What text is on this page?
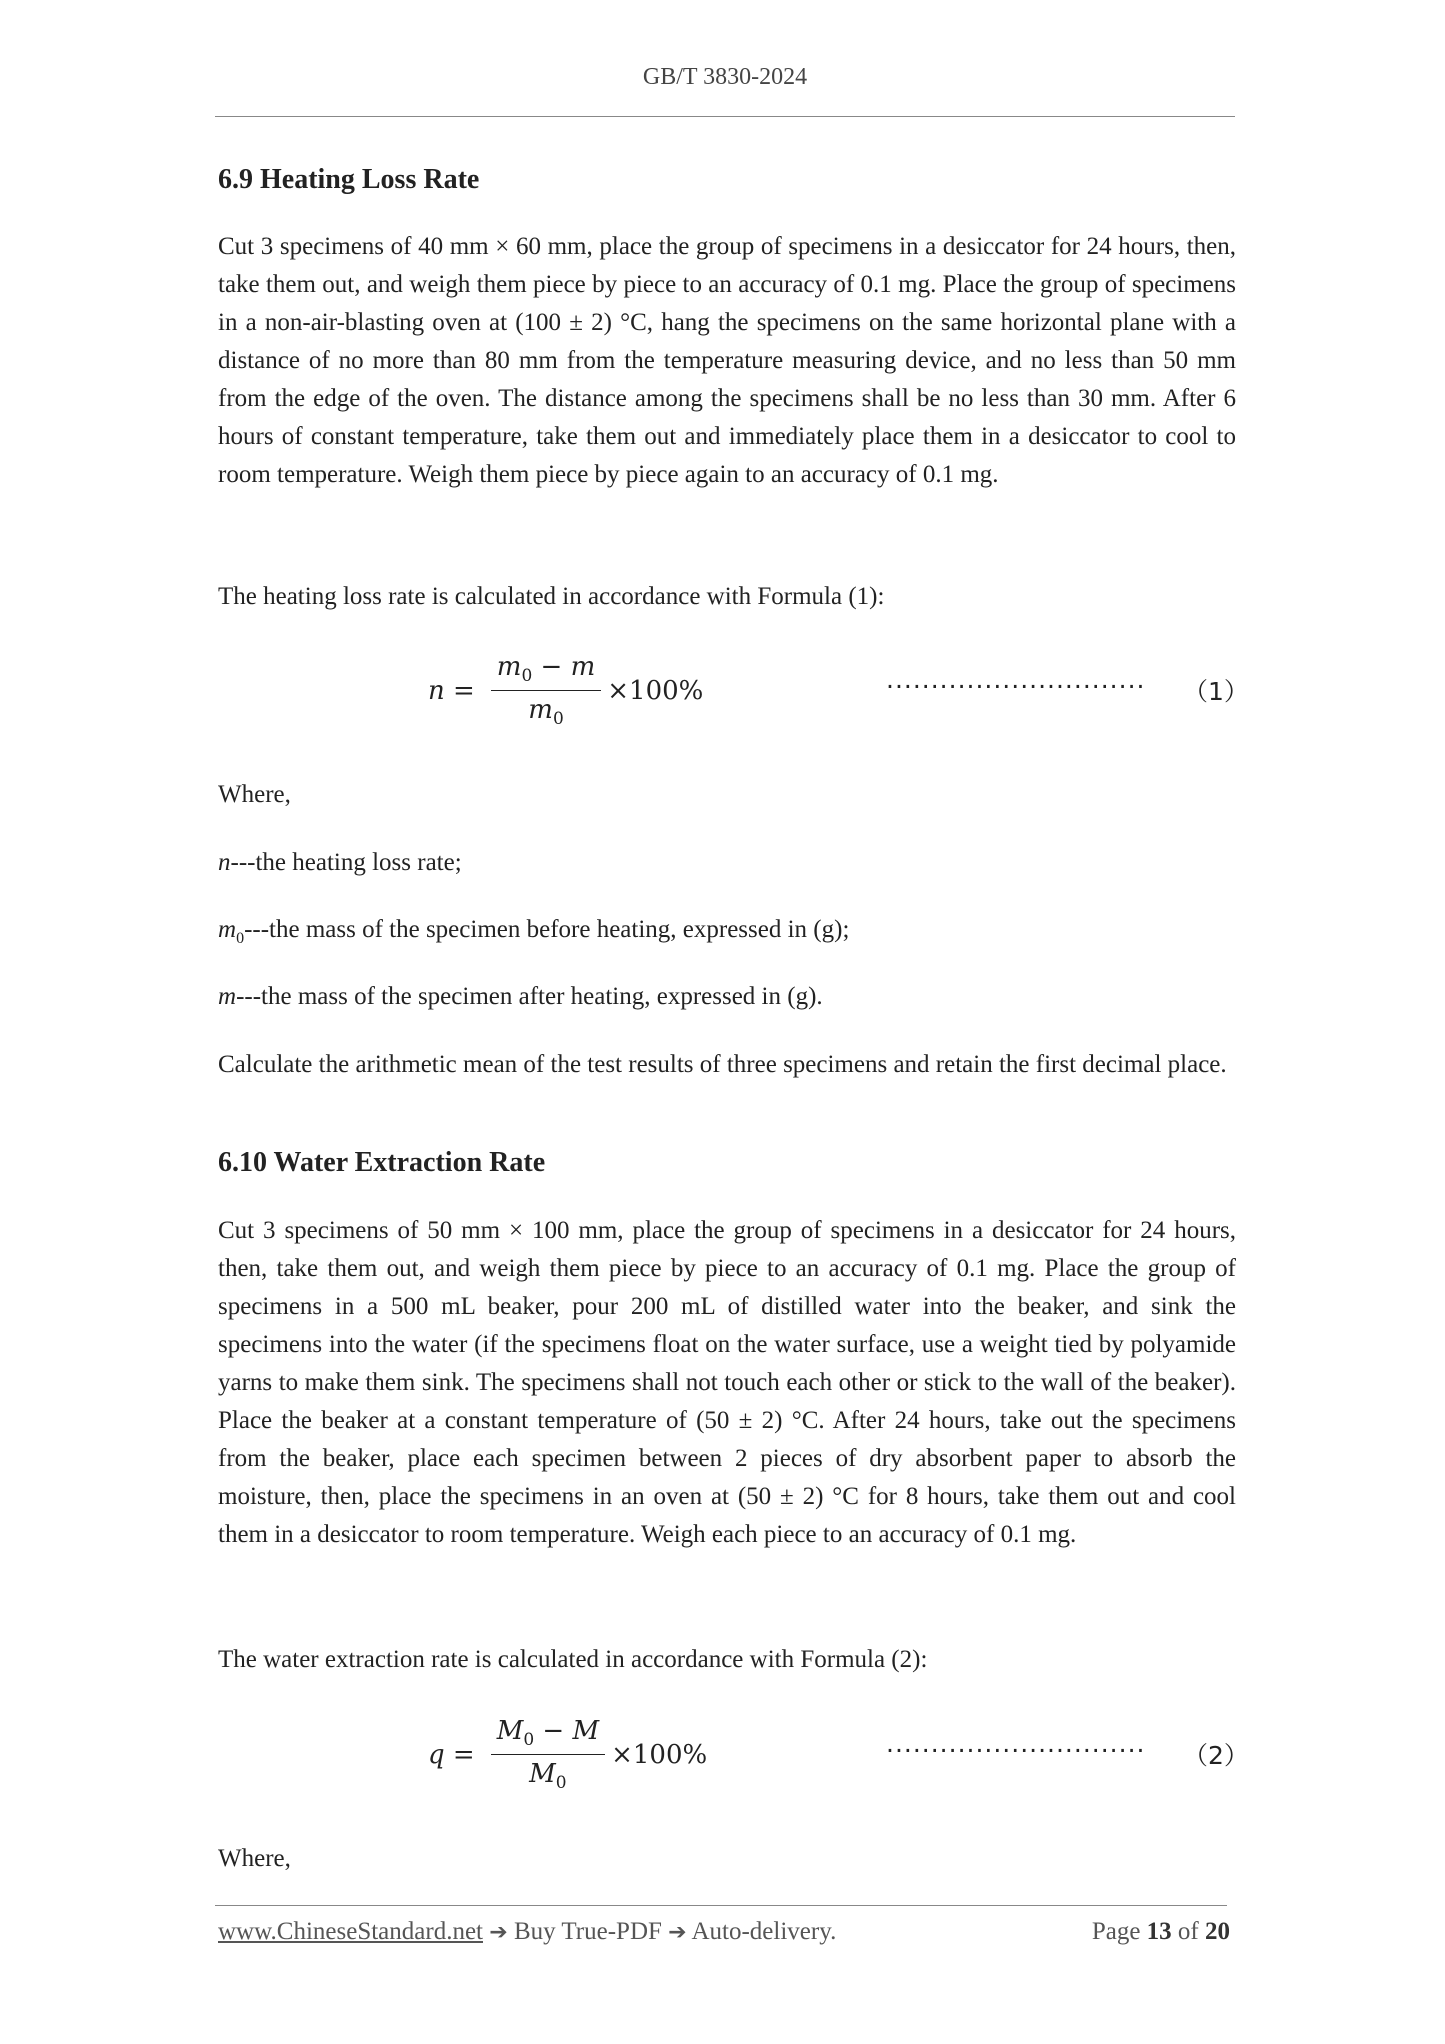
GB/T 3830-2024
6.9 Heating Loss Rate

Cut 3 specimens of 40 mm × 60 mm, place the group of specimens in a desiccator for 24 hours, then, take them out, and weigh them piece by piece to an accuracy of 0.1 mg. Place the group of specimens in a non-air-blasting oven at (100 ± 2) °C, hang the specimens on the same horizontal plane with a distance of no more than 80 mm from the temperature measuring device, and no less than 50 mm from the edge of the oven. The distance among the specimens shall be no less than 30 mm. After 6 hours of constant temperature, take them out and immediately place them in a desiccator to cool to room temperature. Weigh them piece by piece again to an accuracy of 0.1 mg.

The heating loss rate is calculated in accordance with Formula (1):

$n = \frac{m_0 - m}{m_0} \times 100\%$	····························· （1）

Where,

n---the heating loss rate;

$m_0--$-the mass of the specimen before heating, expressed in (g);

m---the mass of the specimen after heating, expressed in (g).

Calculate the arithmetic mean of the test results of three specimens and retain the first decimal place.

6.10 Water Extraction Rate

Cut 3 specimens of 50 mm × 100 mm, place the group of specimens in a desiccator for 24 hours, then, take them out, and weigh them piece by piece to an accuracy of 0.1 mg. Place the group of specimens in a 500 mL beaker, pour 200 mL of distilled water into the beaker, and sink the specimens into the water (if the specimens float on the water surface, use a weight tied by polyamide yarns to make them sink. The specimens shall not touch each other or stick to the wall of the beaker). Place the beaker at a constant temperature of (50 ± 2) °C. After 24 hours, take out the specimens from the beaker, place each specimen between 2 pieces of dry absorbent paper to absorb the moisture, then, place the specimens in an oven at (50 ± 2) °C for 8 hours, take them out and cool them in a desiccator to room temperature. Weigh each piece to an accuracy of 0.1 mg.

The water extraction rate is calculated in accordance with Formula (2):

$q = \frac{M_0 - M}{M_0} \times 100\%$	····························· （2）

Where,

www.ChineseStandard.net ➔ Buy True-PDF ➔ Auto-delivery.	Page 13 of 20
